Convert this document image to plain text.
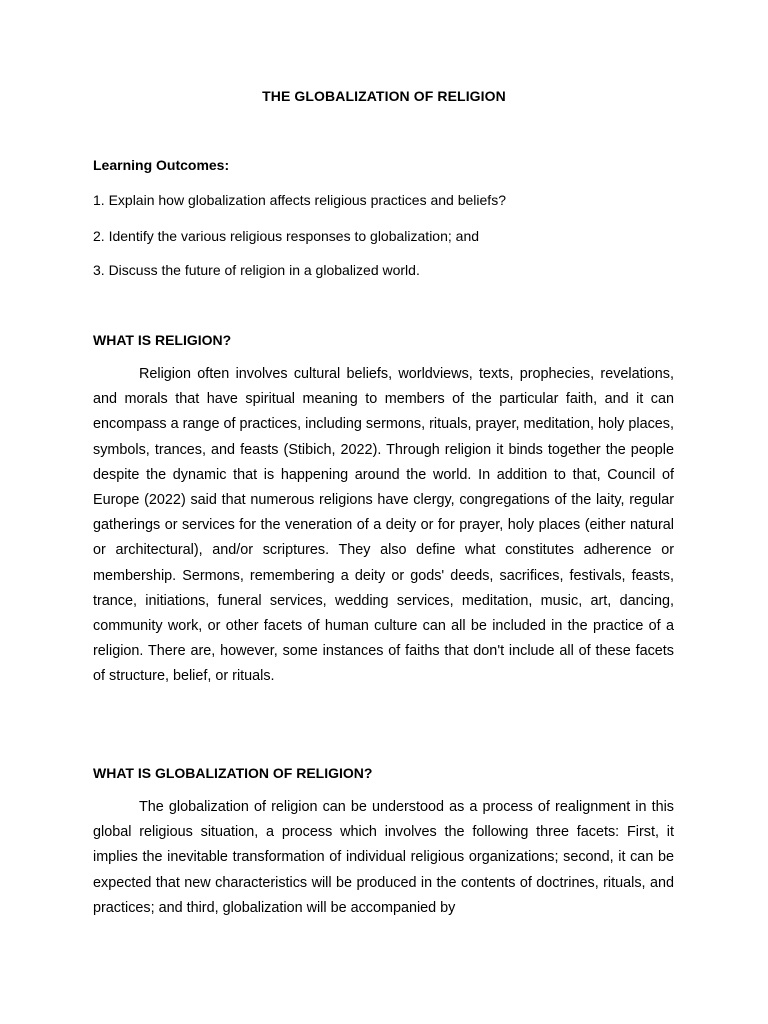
THE GLOBALIZATION OF RELIGION
Learning Outcomes:
1. Explain how globalization affects religious practices and beliefs?
2. Identify the various religious responses to globalization; and
3. Discuss the future of religion in a globalized world.
WHAT IS RELIGION?

Religion often involves cultural beliefs, worldviews, texts, prophecies, revelations, and morals that have spiritual meaning to members of the particular faith, and it can encompass a range of practices, including sermons, rituals, prayer, meditation, holy places, symbols, trances, and feasts (Stibich, 2022). Through religion it binds together the people despite the dynamic that is happening around the world. In addition to that, Council of Europe (2022) said that numerous religions have clergy, congregations of the laity, regular gatherings or services for the veneration of a deity or for prayer, holy places (either natural or architectural), and/or scriptures. They also define what constitutes adherence or membership. Sermons, remembering a deity or gods' deeds, sacrifices, festivals, feasts, trance, initiations, funeral services, wedding services, meditation, music, art, dancing, community work, or other facets of human culture can all be included in the practice of a religion. There are, however, some instances of faiths that don't include all of these facets of structure, belief, or rituals.

WHAT IS GLOBALIZATION OF RELIGION?

The globalization of religion can be understood as a process of realignment in this global religious situation, a process which involves the following three facets: First, it implies the inevitable transformation of individual religious organizations; second, it can be expected that new characteristics will be produced in the contents of doctrines, rituals, and practices; and third, globalization will be accompanied by
